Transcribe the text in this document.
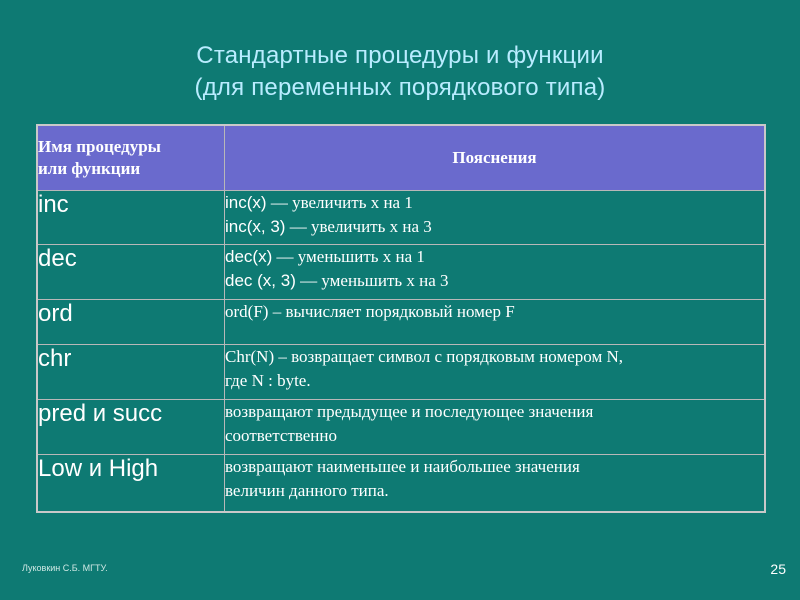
Стандартные процедуры и функции
(для переменных порядкового типа)
Имя процедуры
или функции	Пояснения
inc	inc(x) — увеличить x на 1
inc(x, 3) — увеличить x на 3
dec	dec(x) — уменьшить x на 1
dec (x, 3) — уменьшить x на 3
ord	ord(F) – вычисляет порядковый номер F
chr	Chr(N) – возвращает символ с порядковым номером N,
где N : byte.
pred и succ	возвращают предыдущее и последующее значения
соответственно
Low и High	возвращают наименьшее и наибольшее значения
величин данного типа.
Луковкин С.Б. МГТУ.	25
